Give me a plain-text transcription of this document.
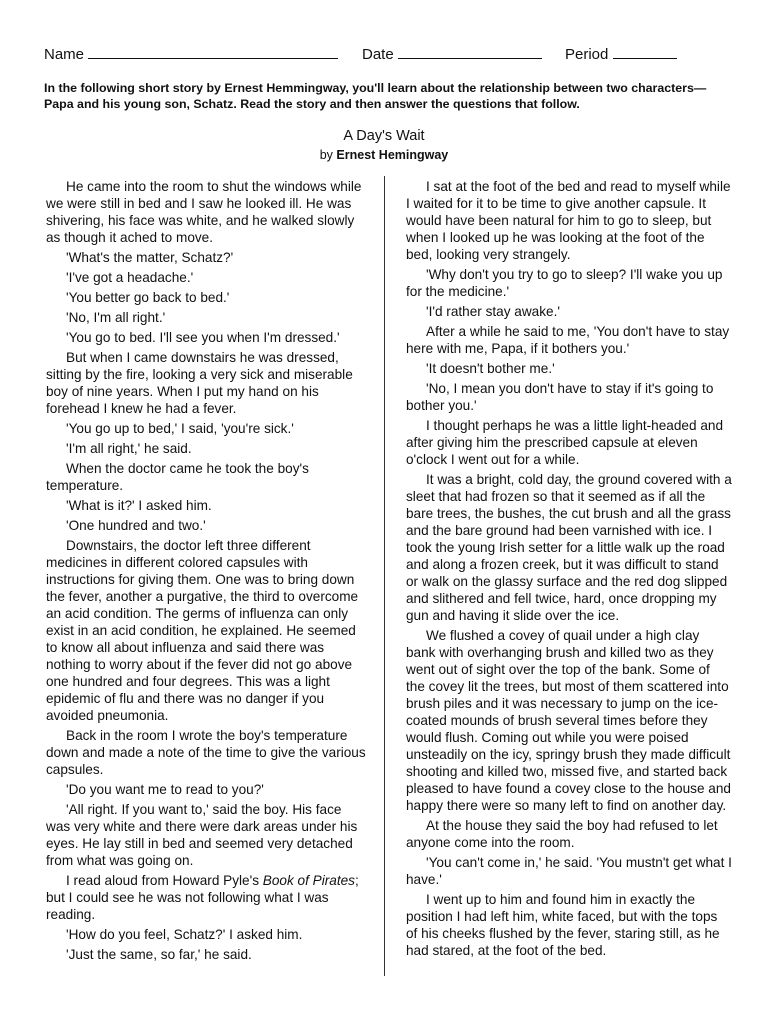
Name	Date	Period
In the following short story by Ernest Hemmingway, you'll learn about the relationship between two characters—Papa and his young son, Schatz. Read the story and then answer the questions that follow.
A Day's Wait
by Ernest Hemingway

He came into the room to shut the windows while we were still in bed and I saw he looked ill. He was shivering, his face was white, and he walked slowly as though it ached to move.

'What's the matter, Schatz?'

'I've got a headache.'

'You better go back to bed.'

'No, I'm all right.'

'You go to bed. I'll see you when I'm dressed.'

But when I came downstairs he was dressed, sitting by the fire, looking a very sick and miserable boy of nine years. When I put my hand on his forehead I knew he had a fever.

'You go up to bed,' I said, 'you're sick.'

'I'm all right,' he said.

When the doctor came he took the boy's temperature.

'What is it?' I asked him.

'One hundred and two.'

Downstairs, the doctor left three different medicines in different colored capsules with instructions for giving them. One was to bring down the fever, another a purgative, the third to overcome an acid condition. The germs of influenza can only exist in an acid condition, he explained. He seemed to know all about influenza and said there was nothing to worry about if the fever did not go above one hundred and four degrees. This was a light epidemic of flu and there was no danger if you avoided pneumonia.

Back in the room I wrote the boy's temperature down and made a note of the time to give the various capsules.

'Do you want me to read to you?'

'All right. If you want to,' said the boy. His face was very white and there were dark areas under his eyes. He lay still in bed and seemed very detached from what was going on.

I read aloud from Howard Pyle's Book of Pirates; but I could see he was not following what I was reading.

'How do you feel, Schatz?' I asked him.

'Just the same, so far,' he said.

I sat at the foot of the bed and read to myself while I waited for it to be time to give another capsule. It would have been natural for him to go to sleep, but when I looked up he was looking at the foot of the bed, looking very strangely.

'Why don't you try to go to sleep? I'll wake you up for the medicine.'

'I'd rather stay awake.'

After a while he said to me, 'You don't have to stay here with me, Papa, if it bothers you.'

'It doesn't bother me.'

'No, I mean you don't have to stay if it's going to bother you.'

I thought perhaps he was a little light-headed and after giving him the prescribed capsule at eleven o'clock I went out for a while.

It was a bright, cold day, the ground covered with a sleet that had frozen so that it seemed as if all the bare trees, the bushes, the cut brush and all the grass and the bare ground had been varnished with ice. I took the young Irish setter for a little walk up the road and along a frozen creek, but it was difficult to stand or walk on the glassy surface and the red dog slipped and slithered and fell twice, hard, once dropping my gun and having it slide over the ice.

We flushed a covey of quail under a high clay bank with overhanging brush and killed two as they went out of sight over the top of the bank. Some of the covey lit the trees, but most of them scattered into brush piles and it was necessary to jump on the ice-coated mounds of brush several times before they would flush. Coming out while you were poised unsteadily on the icy, springy brush they made difficult shooting and killed two, missed five, and started back pleased to have found a covey close to the house and happy there were so many left to find on another day.

At the house they said the boy had refused to let anyone come into the room.

'You can't come in,' he said. 'You mustn't get what I have.'

I went up to him and found him in exactly the position I had left him, white faced, but with the tops of his cheeks flushed by the fever, staring still, as he had stared, at the foot of the bed.
